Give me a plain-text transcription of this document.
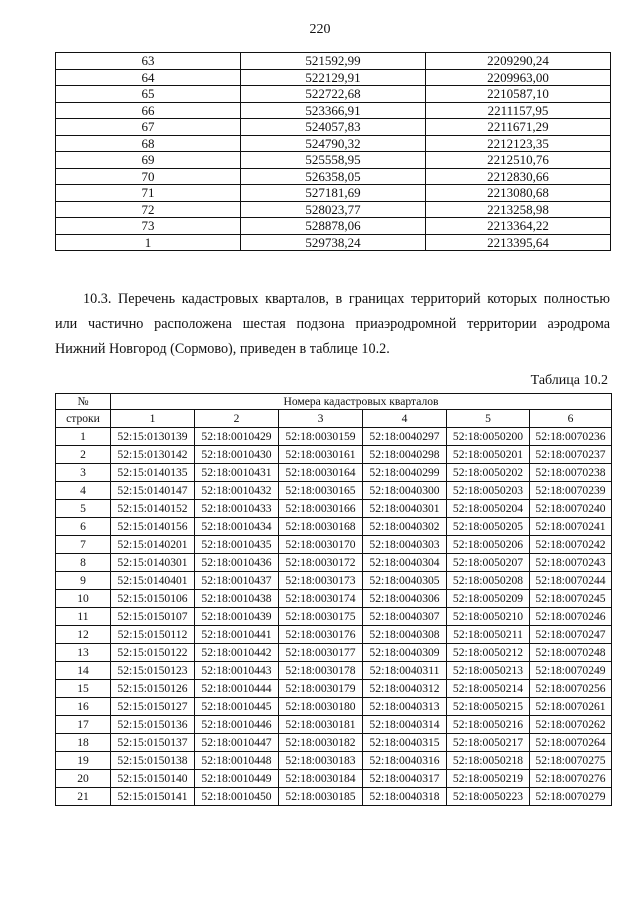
220
63	521592,99	2209290,24
64	522129,91	2209963,00
65	522722,68	2210587,10
66	523366,91	2211157,95
67	524057,83	2211671,29
68	524790,32	2212123,35
69	525558,95	2212510,76
70	526358,05	2212830,66
71	527181,69	2213080,68
72	528023,77	2213258,98
73	528878,06	2213364,22
1	529738,24	2213395,64
10.3. Перечень кадастровых кварталов, в границах территорий которых полностью или частично расположена шестая подзона приаэродромной территории аэродрома Нижний Новгород (Сормово), приведен в таблице 10.2.
Таблица 10.2
№	Номера кадастровых кварталов					
строки	1	2	3	4	5	6
1	52:15:0130139	52:18:0010429	52:18:0030159	52:18:0040297	52:18:0050200	52:18:0070236
2	52:15:0130142	52:18:0010430	52:18:0030161	52:18:0040298	52:18:0050201	52:18:0070237
3	52:15:0140135	52:18:0010431	52:18:0030164	52:18:0040299	52:18:0050202	52:18:0070238
4	52:15:0140147	52:18:0010432	52:18:0030165	52:18:0040300	52:18:0050203	52:18:0070239
5	52:15:0140152	52:18:0010433	52:18:0030166	52:18:0040301	52:18:0050204	52:18:0070240
6	52:15:0140156	52:18:0010434	52:18:0030168	52:18:0040302	52:18:0050205	52:18:0070241
7	52:15:0140201	52:18:0010435	52:18:0030170	52:18:0040303	52:18:0050206	52:18:0070242
8	52:15:0140301	52:18:0010436	52:18:0030172	52:18:0040304	52:18:0050207	52:18:0070243
9	52:15:0140401	52:18:0010437	52:18:0030173	52:18:0040305	52:18:0050208	52:18:0070244
10	52:15:0150106	52:18:0010438	52:18:0030174	52:18:0040306	52:18:0050209	52:18:0070245
11	52:15:0150107	52:18:0010439	52:18:0030175	52:18:0040307	52:18:0050210	52:18:0070246
12	52:15:0150112	52:18:0010441	52:18:0030176	52:18:0040308	52:18:0050211	52:18:0070247
13	52:15:0150122	52:18:0010442	52:18:0030177	52:18:0040309	52:18:0050212	52:18:0070248
14	52:15:0150123	52:18:0010443	52:18:0030178	52:18:0040311	52:18:0050213	52:18:0070249
15	52:15:0150126	52:18:0010444	52:18:0030179	52:18:0040312	52:18:0050214	52:18:0070256
16	52:15:0150127	52:18:0010445	52:18:0030180	52:18:0040313	52:18:0050215	52:18:0070261
17	52:15:0150136	52:18:0010446	52:18:0030181	52:18:0040314	52:18:0050216	52:18:0070262
18	52:15:0150137	52:18:0010447	52:18:0030182	52:18:0040315	52:18:0050217	52:18:0070264
19	52:15:0150138	52:18:0010448	52:18:0030183	52:18:0040316	52:18:0050218	52:18:0070275
20	52:15:0150140	52:18:0010449	52:18:0030184	52:18:0040317	52:18:0050219	52:18:0070276
21	52:15:0150141	52:18:0010450	52:18:0030185	52:18:0040318	52:18:0050223	52:18:0070279
